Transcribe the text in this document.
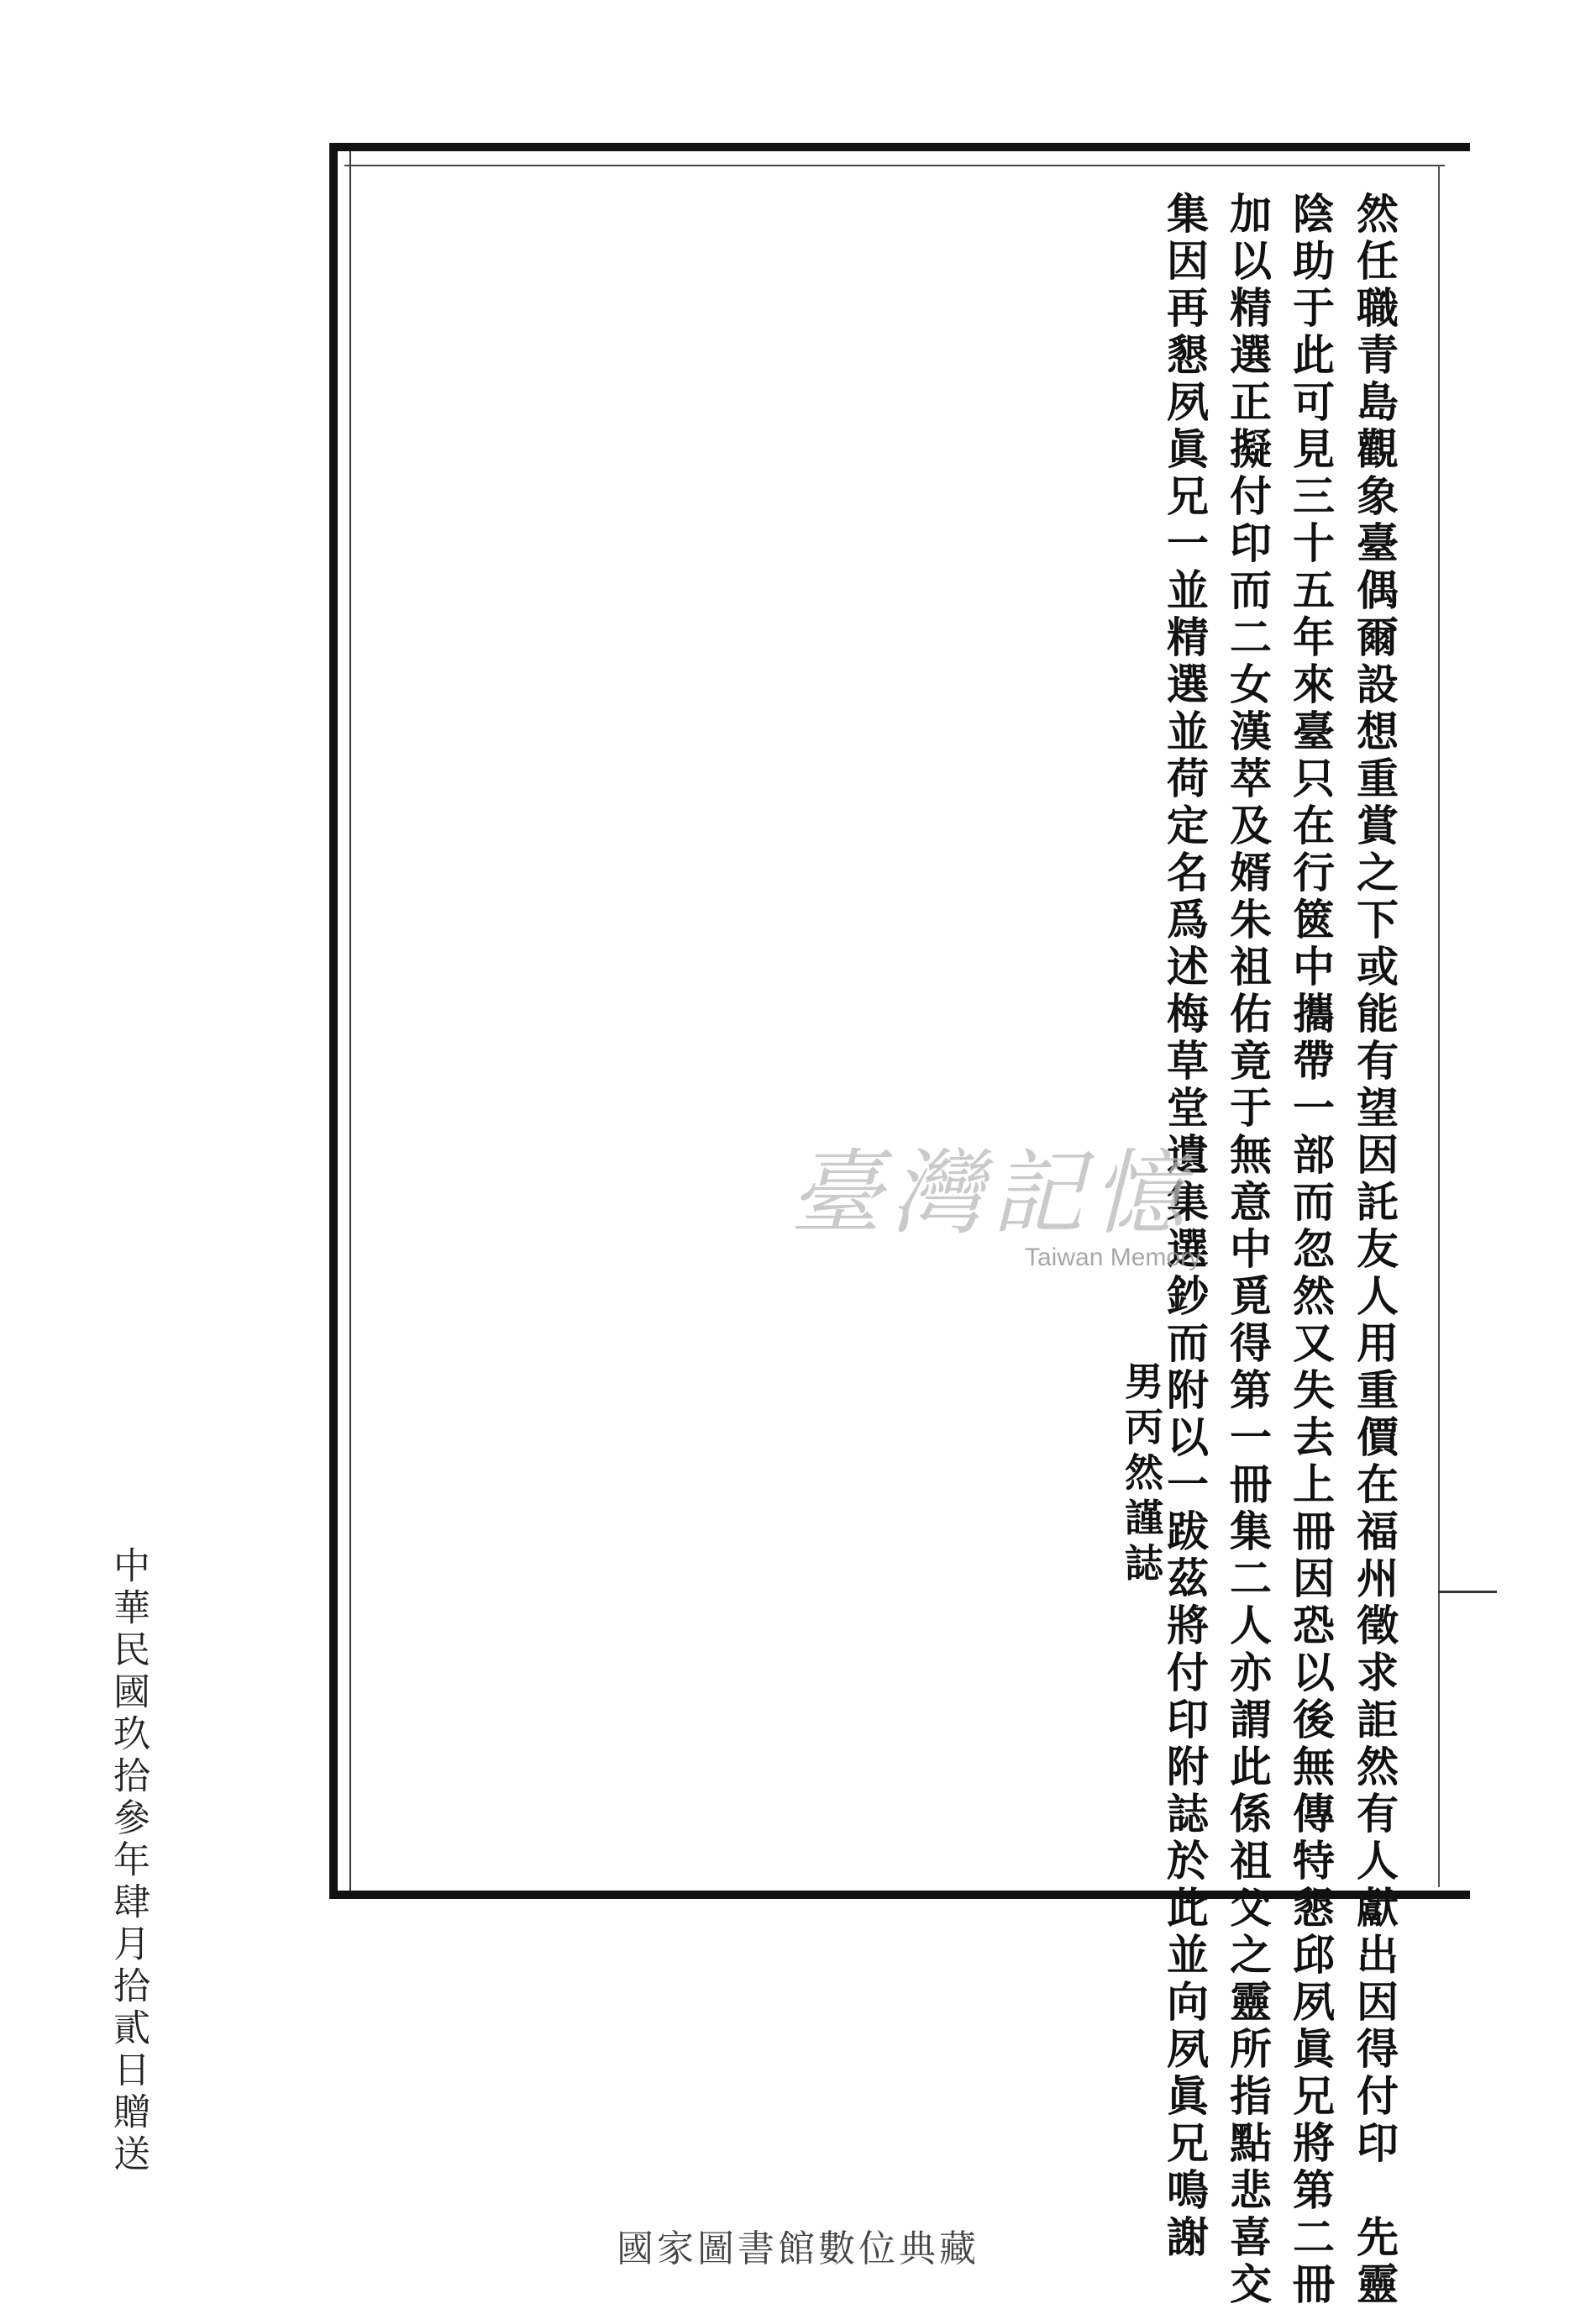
然任職青島觀象臺偶爾設想重賞之下或能有望因託友人用重價在福州徵求詎然有人獻出因得付印　先靈
陰助于此可見三十五年來臺只在行篋中攜帶一部而忽然又失去上冊因恐以後無傳特懇邱夙眞兄將第二冊
加以精選正擬付印而二女漢萃及婿朱祖佑竟于無意中覓得第一冊集二人亦謂此係祖父之靈所指點悲喜交
集因再懇夙眞兄一並精選並荷定名爲述梅草堂遺集選鈔而附以一跋茲將付印附誌於此並向夙眞兄鳴謝
男丙然謹誌
中華民國玖拾參年肆月拾貳日贈送
臺灣記憶
Taiwan Memory
國家圖書館數位典藏
